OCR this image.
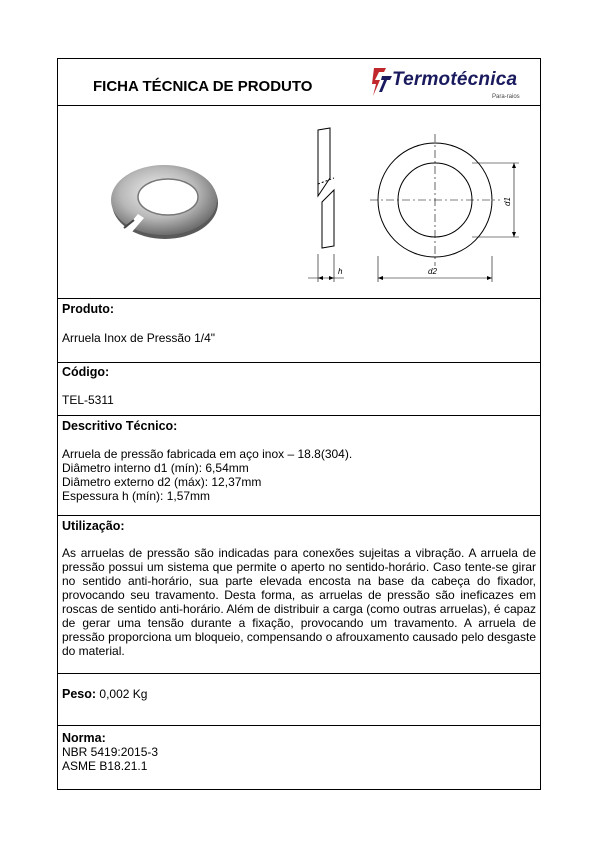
FICHA TÉCNICA DE PRODUTO	Termotécnica
Para-raios
h
d1
d2
Produto:
Arruela Inox de Pressão 1/4"
Código:
TEL-5311
Descritivo Técnico:
Arruela de pressão fabricada em aço inox – 18.8(304).
Diâmetro interno d1 (mín): 6,54mm
Diâmetro externo d2 (máx): 12,37mm
Espessura h (mín): 1,57mm
Utilização:
As arruelas de pressão são indicadas para conexões sujeitas a vibração. A arruela de pressão possui um sistema que permite o aperto no sentido-horário. Caso tente-se girar no sentido anti-horário, sua parte elevada encosta na base da cabeça do fixador, provocando seu travamento. Desta forma, as arruelas de pressão são ineficazes em roscas de sentido anti-horário. Além de distribuir a carga (como outras arruelas), é capaz de gerar uma tensão durante a fixação, provocando um travamento. A arruela de pressão proporciona um bloqueio, compensando o afrouxamento causado pelo desgaste do material.
Peso: 0,002 Kg
Norma:
NBR 5419:2015-3
ASME B18.21.1
